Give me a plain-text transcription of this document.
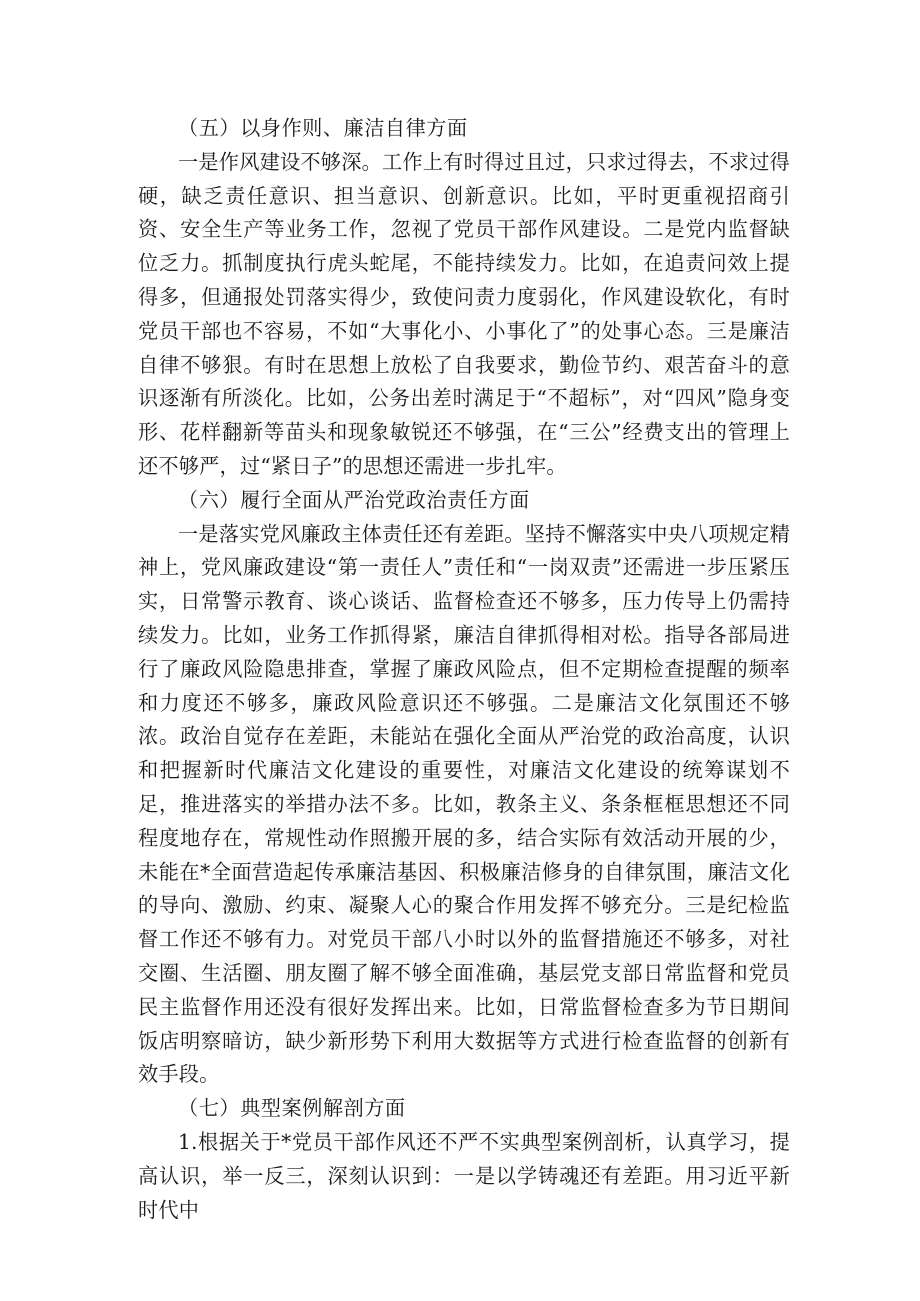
（五）以身作则、廉洁自律方面

一是作风建设不够深。工作上有时得过且过，只求过得去，不求过得硬，缺乏责任意识、担当意识、创新意识。比如，平时更重视招商引资、安全生产等业务工作，忽视了党员干部作风建设。二是党内监督缺位乏力。抓制度执行虎头蛇尾，不能持续发力。比如，在追责问效上提得多，但通报处罚落实得少，致使问责力度弱化，作风建设软化，有时党员干部也不容易，不如“大事化小、小事化了”的处事心态。三是廉洁自律不够狠。有时在思想上放松了自我要求，勤俭节约、艰苦奋斗的意识逐渐有所淡化。比如，公务出差时满足于“不超标”，对“四风”隐身变形、花样翻新等苗头和现象敏锐还不够强，在“三公”经费支出的管理上还不够严，过“紧日子”的思想还需进一步扎牢。

（六）履行全面从严治党政治责任方面

一是落实党风廉政主体责任还有差距。坚持不懈落实中央八项规定精神上，党风廉政建设“第一责任人”责任和“一岗双责”还需进一步压紧压实，日常警示教育、谈心谈话、监督检查还不够多，压力传导上仍需持续发力。比如，业务工作抓得紧，廉洁自律抓得相对松。指导各部局进行了廉政风险隐患排查，掌握了廉政风险点，但不定期检查提醒的频率和力度还不够多，廉政风险意识还不够强。二是廉洁文化氛围还不够浓。政治自觉存在差距，未能站在强化全面从严治党的政治高度，认识和把握新时代廉洁文化建设的重要性，对廉洁文化建设的统筹谋划不足，推进落实的举措办法不多。比如，教条主义、条条框框思想还不同程度地存在，常规性动作照搬开展的多，结合实际有效活动开展的少，未能在*全面营造起传承廉洁基因、积极廉洁修身的自律氛围，廉洁文化的导向、激励、约束、凝聚人心的聚合作用发挥不够充分。三是纪检监督工作还不够有力。对党员干部八小时以外的监督措施还不够多，对社交圈、生活圈、朋友圈了解不够全面准确，基层党支部日常监督和党员民主监督作用还没有很好发挥出来。比如，日常监督检查多为节日期间饭店明察暗访，缺少新形势下利用大数据等方式进行检查监督的创新有效手段。

（七）典型案例解剖方面

1.根据关于*党员干部作风还不严不实典型案例剖析，认真学习，提高认识，举一反三，深刻认识到：一是以学铸魂还有差距。用习近平新时代中
